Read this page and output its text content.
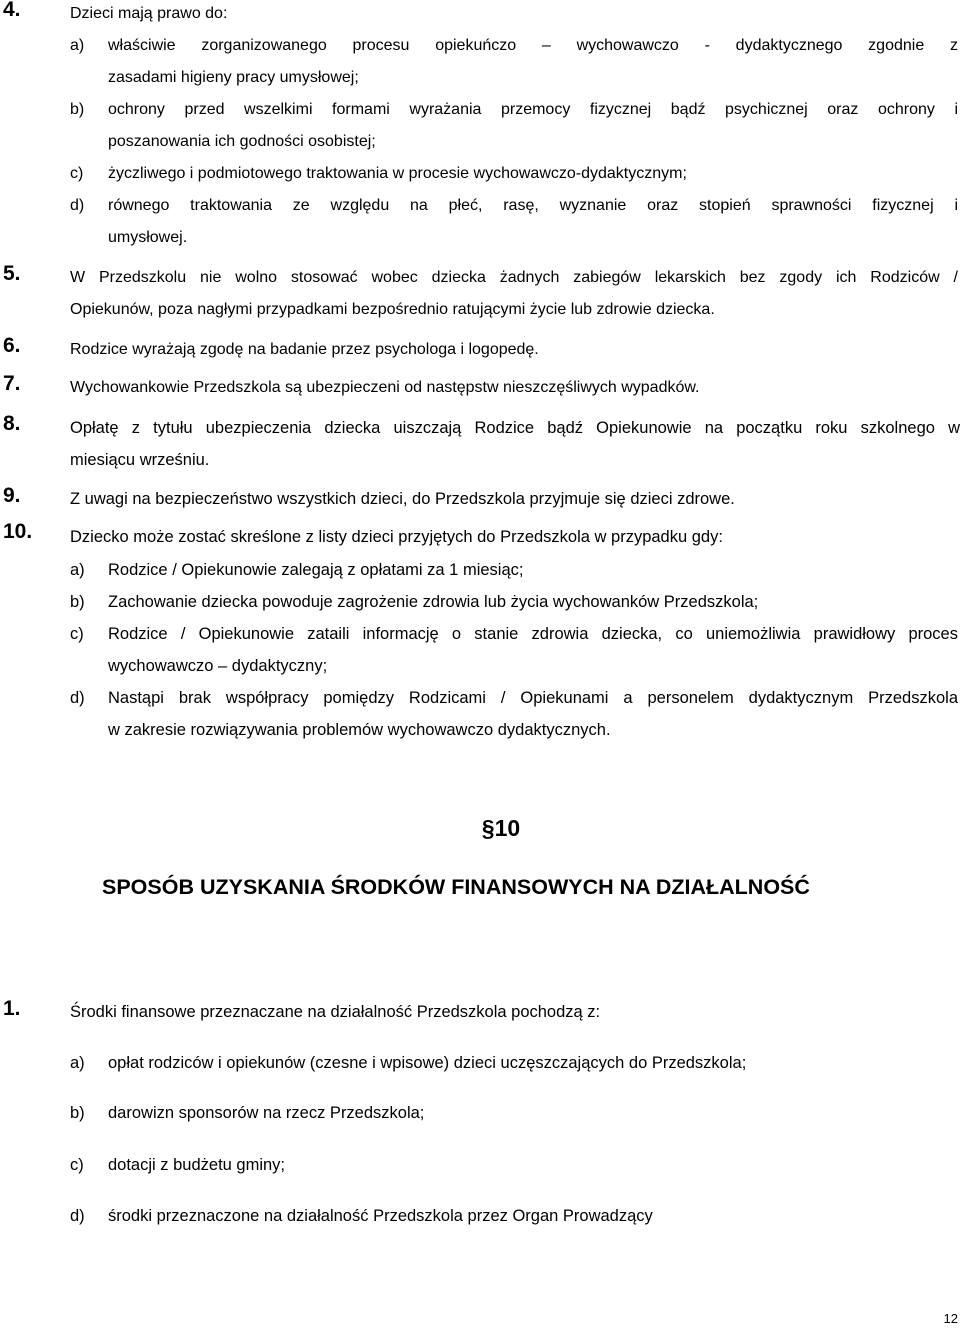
4.	Dzieci mają prawo do:
a) właściwie zorganizowanego procesu opiekuńczo – wychowawczo - dydaktycznego zgodnie z
zasadami higieny pracy umysłowej;
b) ochrony przed wszelkimi formami wyrażania przemocy fizycznej bądź psychicznej oraz ochrony i
poszanowania ich godności osobistej;
c) życzliwego i podmiotowego traktowania w procesie wychowawczo-dydaktycznym;
d) równego traktowania ze względu na płeć, rasę, wyznanie oraz stopień sprawności fizycznej i
umysłowej.
5.	W Przedszkolu nie wolno stosować wobec dziecka żadnych zabiegów lekarskich bez zgody ich Rodziców /
Opiekunów, poza nagłymi przypadkami bezpośrednio ratującymi życie lub zdrowie dziecka.
6.	Rodzice wyrażają zgodę na badanie przez psychologa i logopedę.
7.	Wychowankowie Przedszkola są ubezpieczeni od następstw nieszczęśliwych wypadków.
8.	Opłatę z tytułu ubezpieczenia dziecka uiszczają Rodzice bądź Opiekunowie na początku roku szkolnego w
miesiącu wrześniu.
9.	Z uwagi na bezpieczeństwo wszystkich dzieci, do Przedszkola przyjmuje się dzieci zdrowe.
10. Dziecko może zostać skreślone z listy dzieci przyjętych do Przedszkola w przypadku gdy:
a) Rodzice / Opiekunowie zalegają z opłatami za 1 miesiąc;
b) Zachowanie dziecka powoduje zagrożenie zdrowia lub życia wychowanków Przedszkola;
c) Rodzice / Opiekunowie zataili informację o stanie zdrowia dziecka, co uniemożliwia prawidłowy proces
wychowawczo – dydaktyczny;
d) Nastąpi brak współpracy pomiędzy Rodzicami / Opiekunami a personelem dydaktycznym Przedszkola
w zakresie rozwiązywania problemów wychowawczo dydaktycznych.
§10
SPOSÓB UZYSKANIA ŚRODKÓW FINANSOWYCH NA DZIAŁALNOŚĆ
1.	Środki finansowe przeznaczane na działalność Przedszkola pochodzą z:
a) opłat rodziców i opiekunów (czesne i wpisowe) dzieci uczęszczających do Przedszkola;
b) darowizn sponsorów na rzecz Przedszkola;
c) dotacji z budżetu gminy;
d) środki przeznaczone na działalność Przedszkola przez Organ Prowadzący
12
